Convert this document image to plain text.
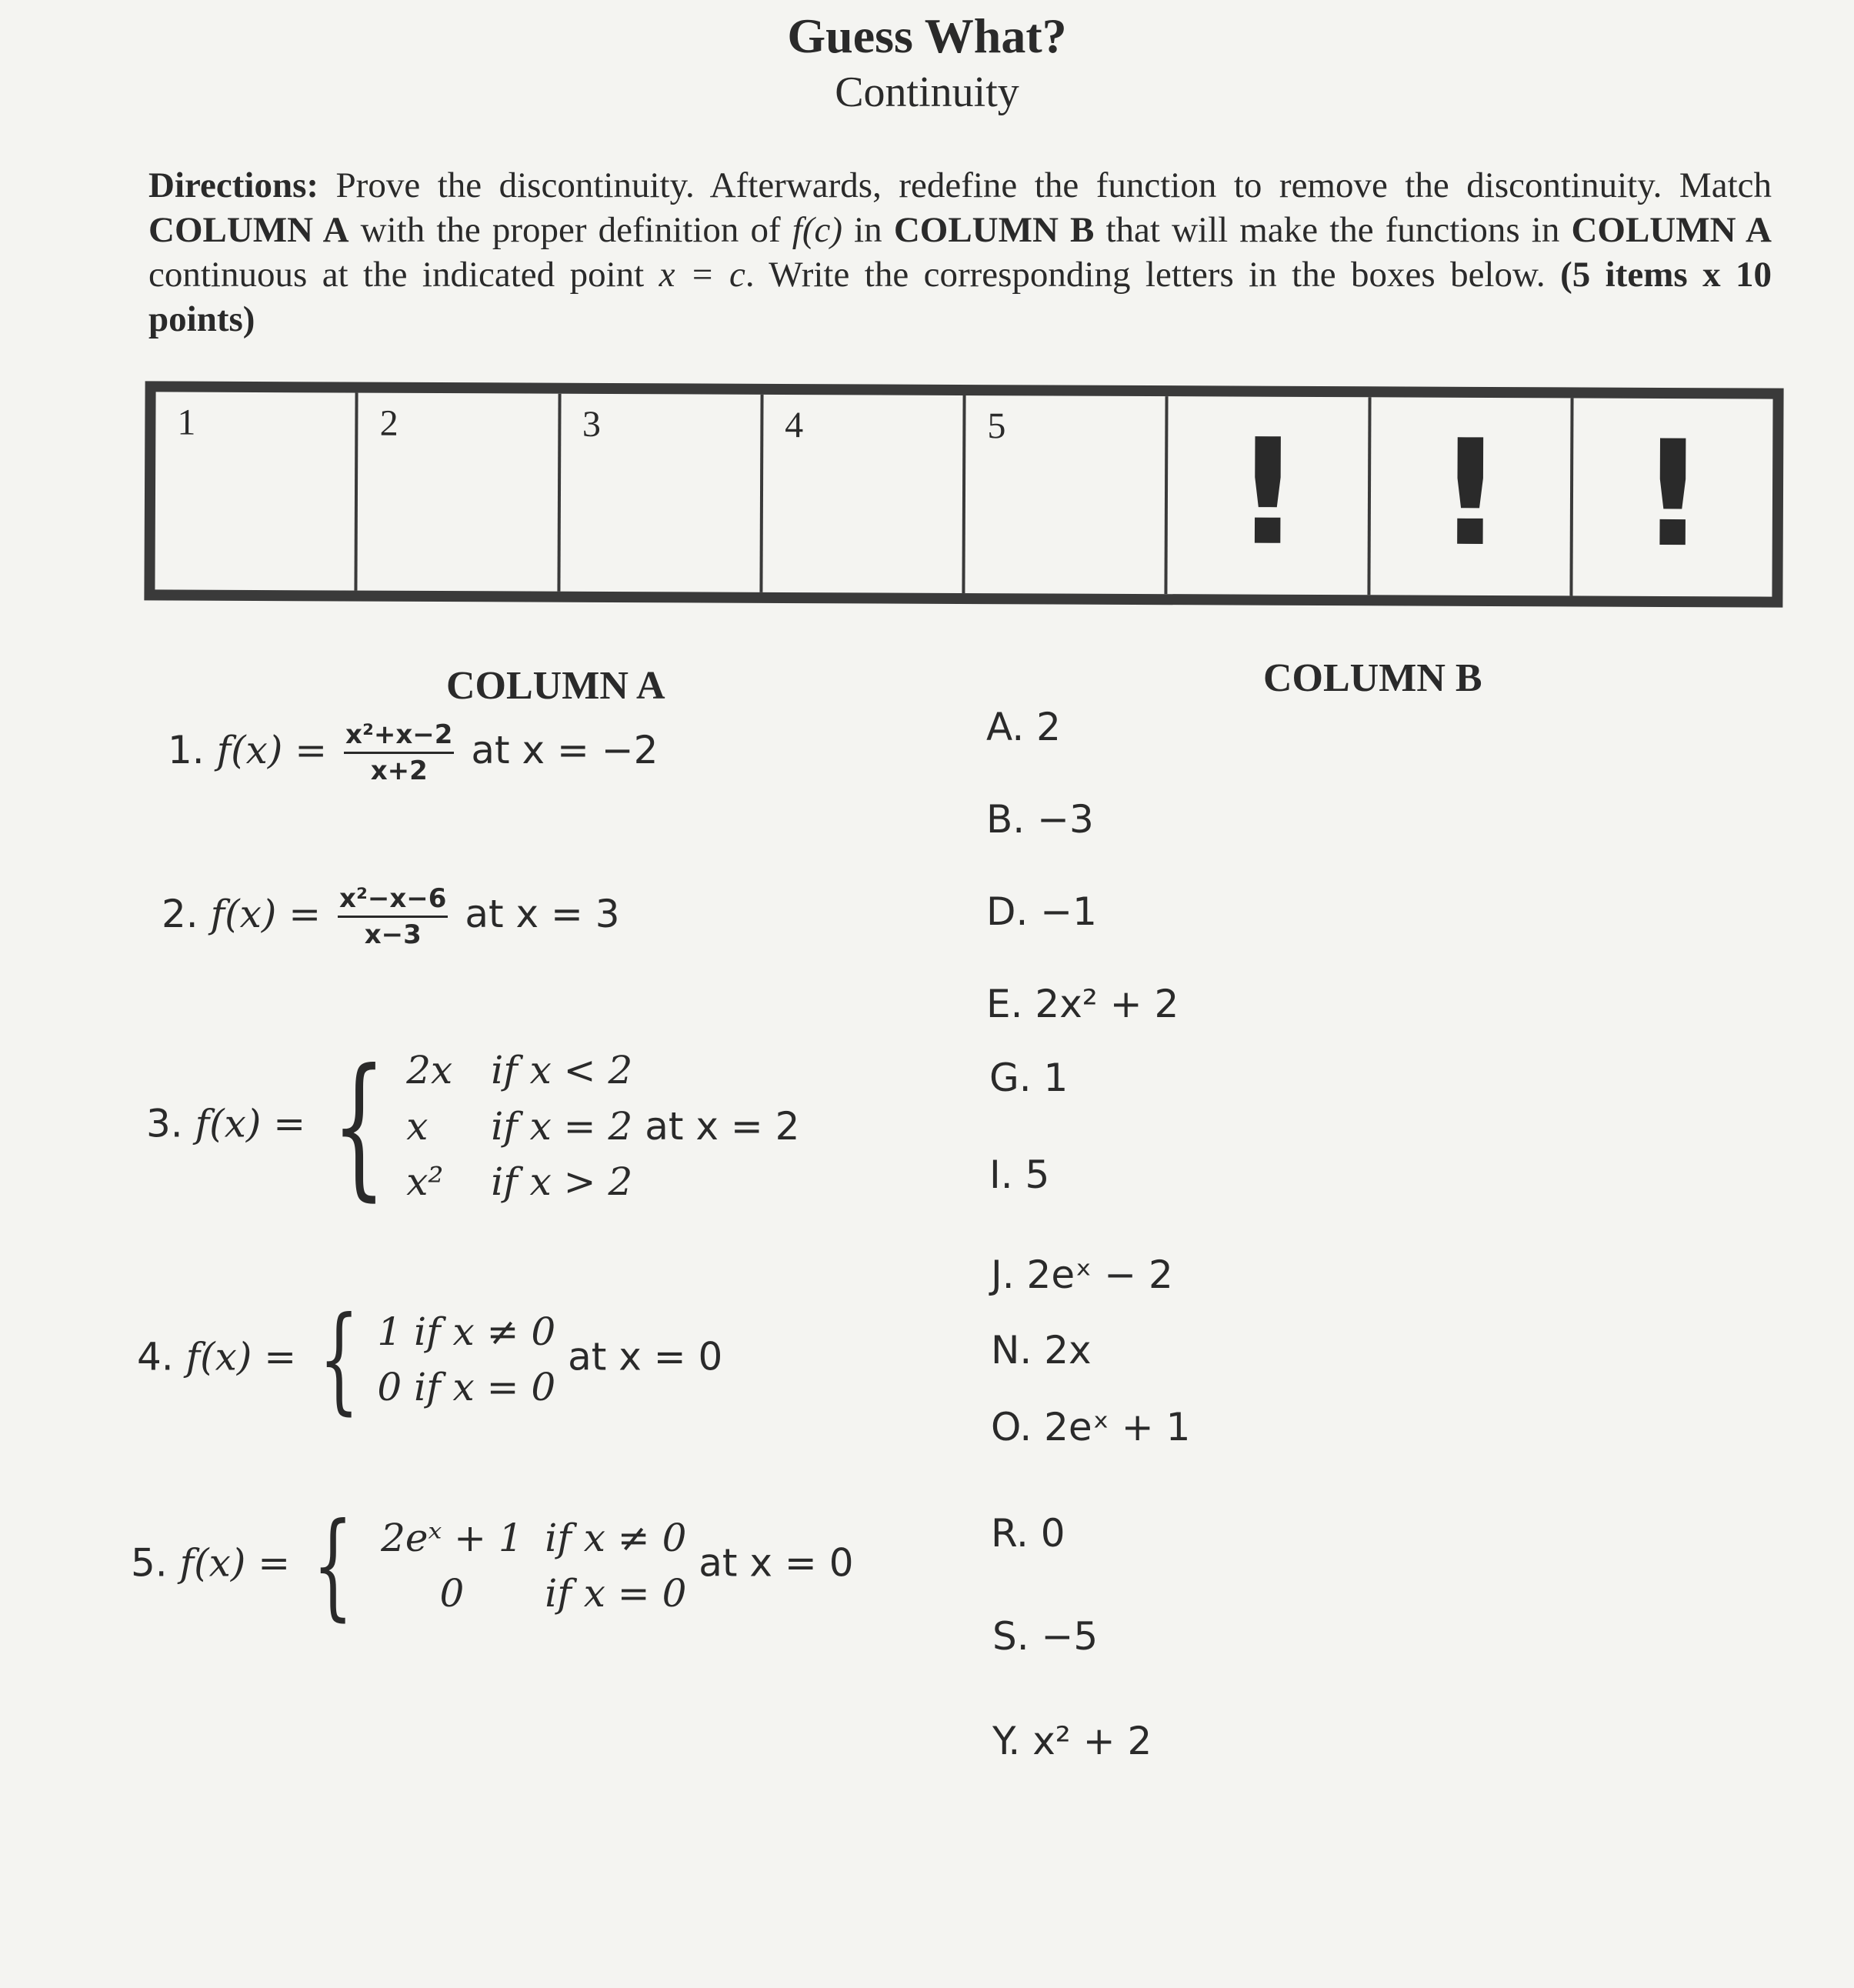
Guess What?
Continuity
Directions: Prove the discontinuity. Afterwards, redefine the function to remove the discontinuity. Match COLUMN A with the proper definition of f(c) in COLUMN B that will make the functions in COLUMN A continuous at the indicated point x = c. Write the corresponding letters in the boxes below. (5 items x 10 points)
1	2	3	4	5	! ! !
COLUMN A	COLUMN B
1. $f(x) = \frac{\text{x²+x−2}}{x+2}$ at x = −2
2. $f(x) = \frac{\text{x²−x−6}}{x-3}$ at x = 3
3. f(x) = { 2x if x < 2
x if x = 2 at x = 2
x² if x > 2
4. f(x) = { 1 if x ≠ 0
0 if x = 0
at x = 0
5. f(x) = { 2eˣ + 1 if x ≠ 0
0 if x = 0
at x = 0
A. 2
B. −3
D. −1
E. 2x² + 2
G. 1
I. 5
J. 2eˣ − 2
N. 2x
O. 2eˣ + 1
R. 0
S. −5
Y. x² + 2
